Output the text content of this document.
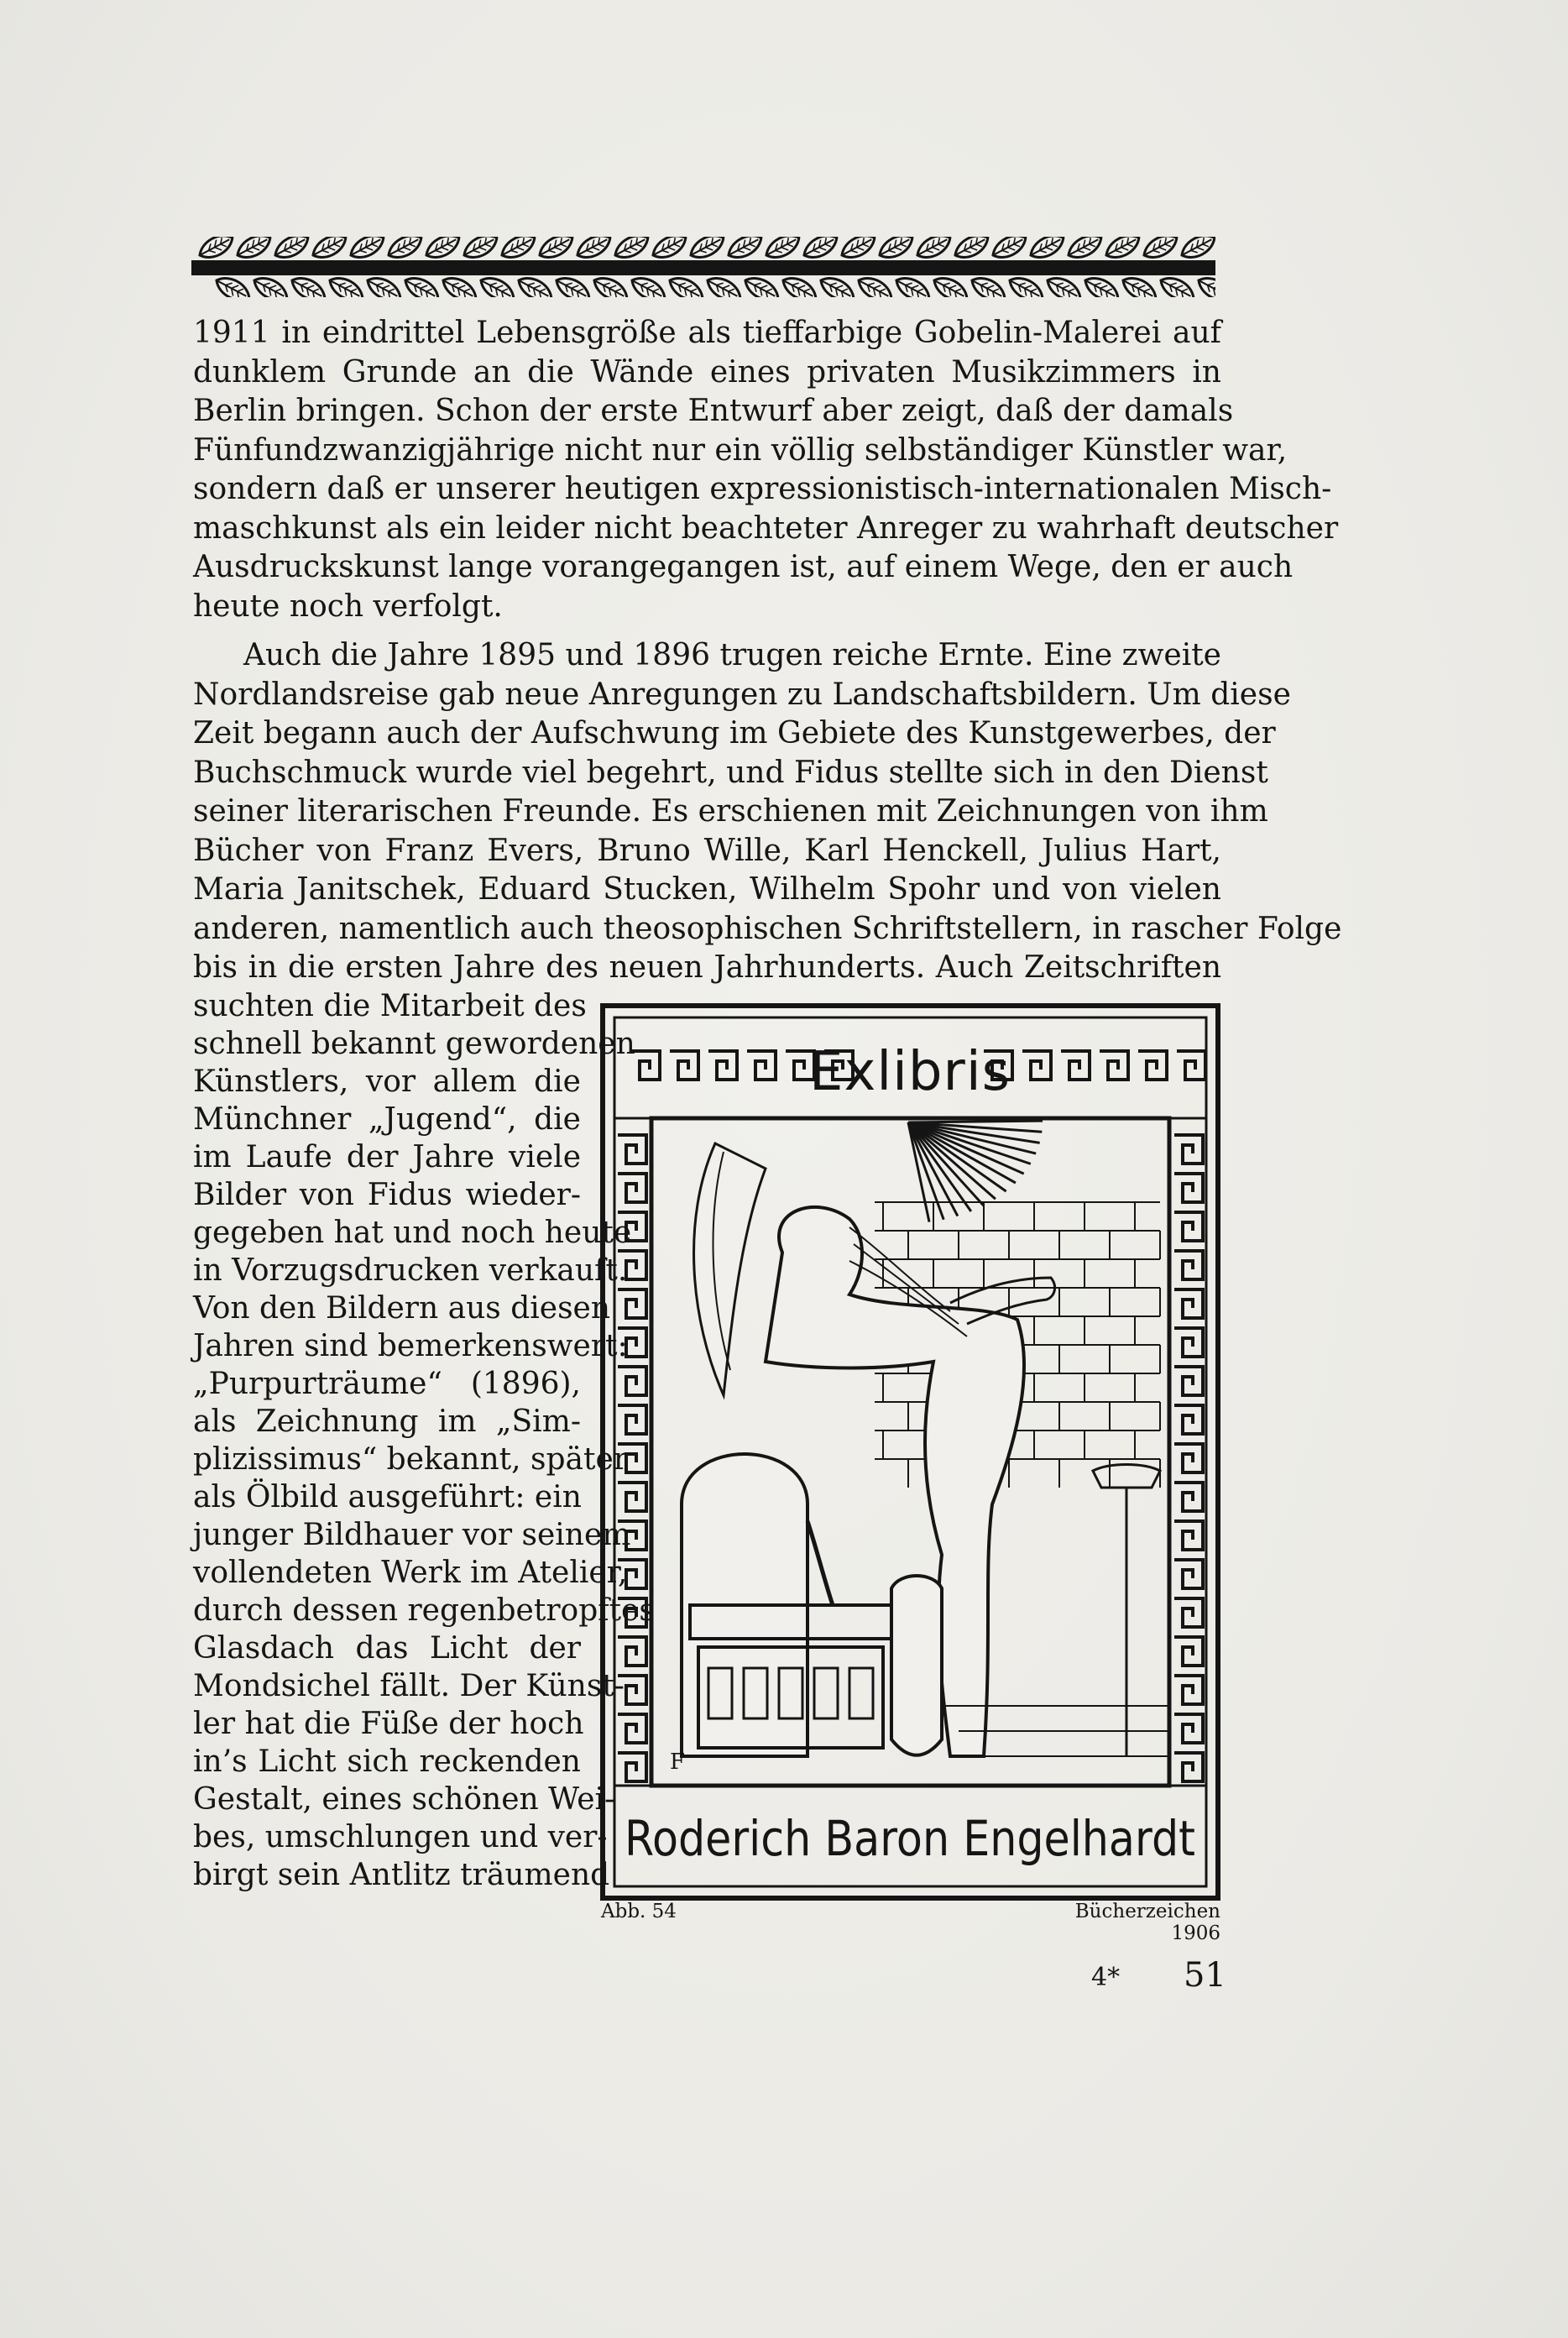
1911 in eindrittel Lebensgröße als tieffarbige Gobelin-Malerei auf
dunklem Grunde an die Wände eines privaten Musikzimmers in
Berlin bringen. Schon der erste Entwurf aber zeigt, daß der damals
Fünfundzwanzigjährige nicht nur ein völlig selbständiger Künstler war,
sondern daß er unserer heutigen expressionistisch-internationalen Misch-
maschkunst als ein leider nicht beachteter Anreger zu wahrhaft deutscher
Ausdruckskunst lange vorangegangen ist, auf einem Wege, den er auch
heute noch verfolgt.
Auch die Jahre 1895 und 1896 trugen reiche Ernte. Eine zweite
Nordlandsreise gab neue Anregungen zu Landschaftsbildern. Um diese
Zeit begann auch der Aufschwung im Gebiete des Kunstgewerbes, der
Buchschmuck wurde viel begehrt, und Fidus stellte sich in den Dienst
seiner literarischen Freunde. Es erschienen mit Zeichnungen von ihm
Bücher von Franz Evers, Bruno Wille, Karl Henckell, Julius Hart,
Maria Janitschek, Eduard Stucken, Wilhelm Spohr und von vielen
anderen, namentlich auch theosophischen Schriftstellern, in rascher Folge
bis in die ersten Jahre des neuen Jahrhunderts. Auch Zeitschriften
suchten die Mitarbeit des
schnell bekannt gewordenen
Künstlers, vor allem die
Münchner „Jugend“, die
im Laufe der Jahre viele
Bilder von Fidus wieder-
gegeben hat und noch heute
in Vorzugsdrucken verkauft.
Von den Bildern aus diesen
Jahren sind bemerkenswert:
„Purpurträume“ (1896),
als Zeichnung im „Sim-
plizissimus“ bekannt, später
als Ölbild ausgeführt: ein
junger Bildhauer vor seinem
vollendeten Werk im Atelier,
durch dessen regenbetropftes
Glasdach das Licht der
Mondsichel fällt. Der Künst-
ler hat die Füße der hoch
in’s Licht sich reckenden
Gestalt, eines schönen Wei-
bes, umschlungen und ver-
birgt sein Antlitz träumend
F
Exlibris
Roderich Baron Engelhardt
Abb. 54	Bücherzeichen 1906
4* 51
